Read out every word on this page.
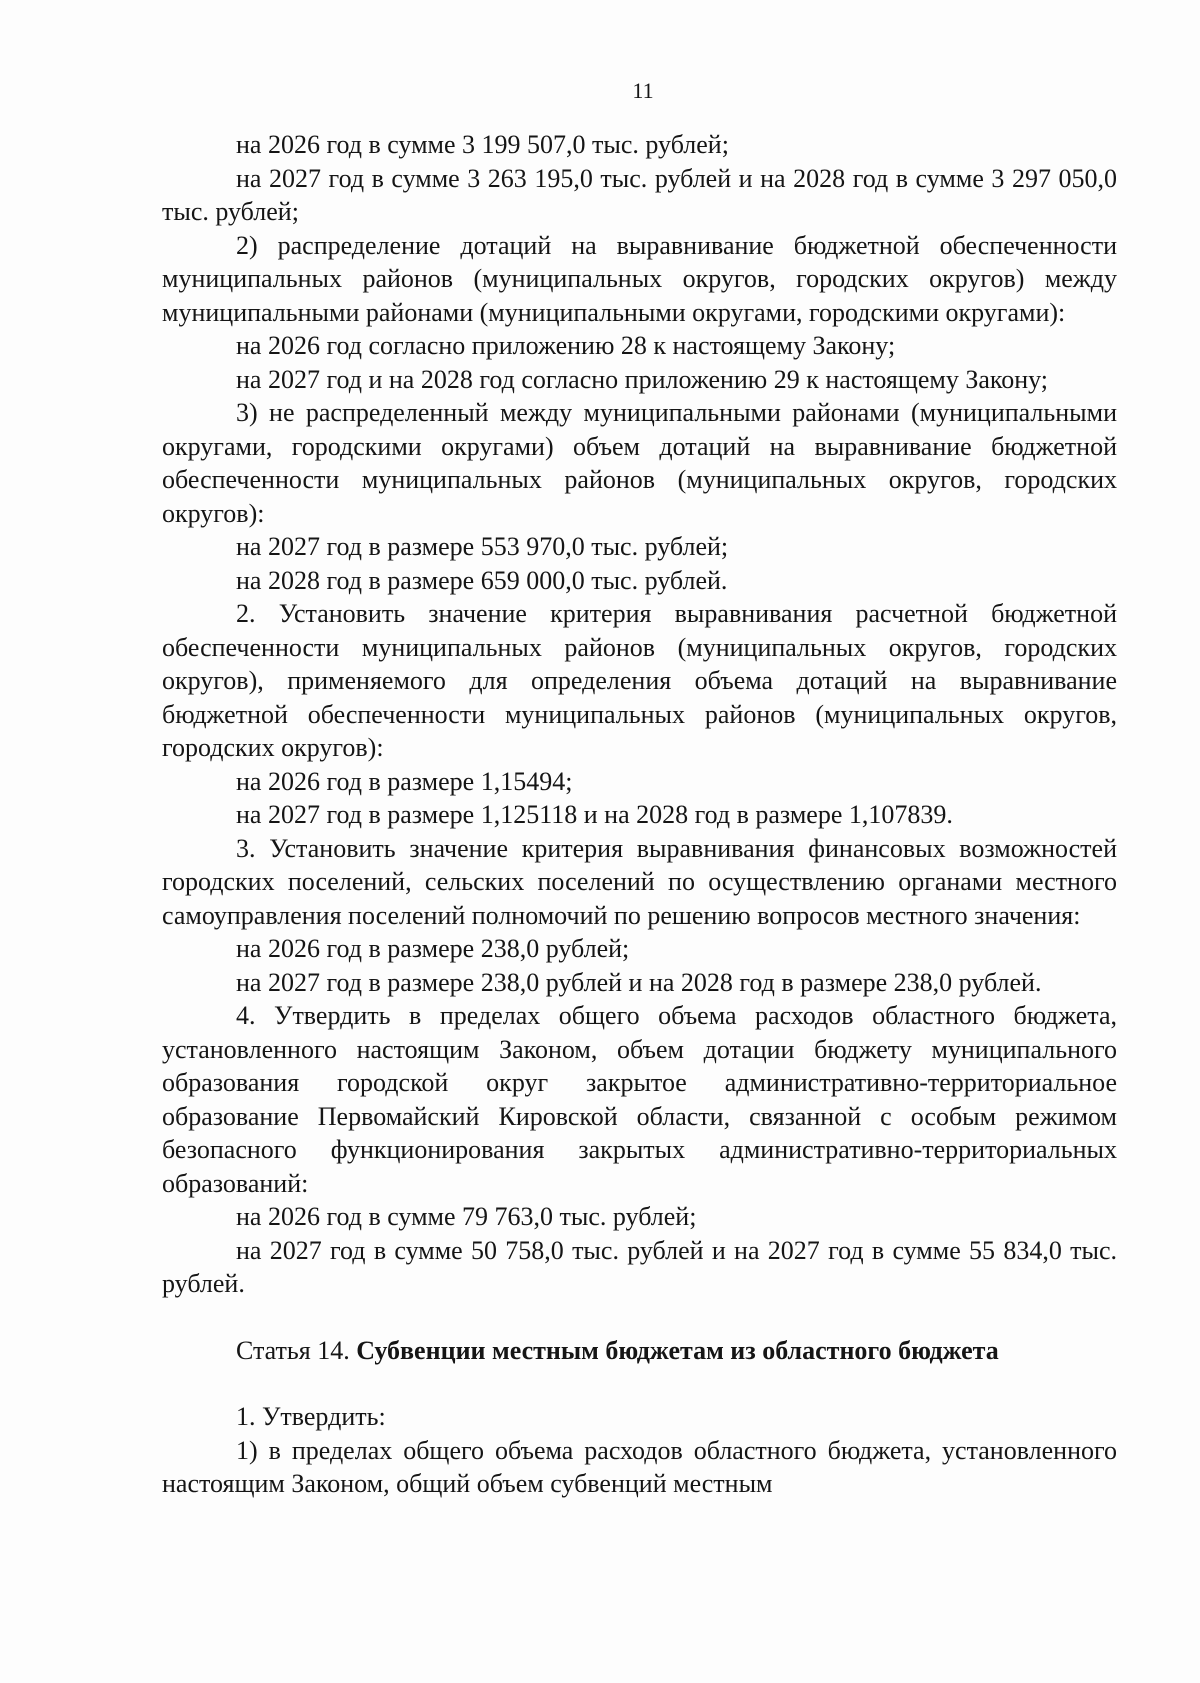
11

на 2026 год в сумме 3 199 507,0 тыс. рублей;

на 2027 год в сумме 3 263 195,0 тыс. рублей и на 2028 год в сумме 3 297 050,0 тыс. рублей;

2) распределение дотаций на выравнивание бюджетной обеспеченности муниципальных районов (муниципальных округов, городских округов) между муниципальными районами (муниципальными округами, городскими округами):

на 2026 год согласно приложению 28 к настоящему Закону;

на 2027 год и на 2028 год согласно приложению 29 к настоящему Закону;

3) не распределенный между муниципальными районами (муниципальными округами, городскими округами) объем дотаций на выравнивание бюджетной обеспеченности муниципальных районов (муниципальных округов, городских округов):

на 2027 год в размере 553 970,0 тыс. рублей;

на 2028 год в размере 659 000,0 тыс. рублей.

2. Установить значение критерия выравнивания расчетной бюджетной обеспеченности муниципальных районов (муниципальных округов, городских округов), применяемого для определения объема дотаций на выравнивание бюджетной обеспеченности муниципальных районов (муниципальных округов, городских округов):

на 2026 год в размере 1,15494;

на 2027 год в размере 1,125118 и на 2028 год в размере 1,107839.

3. Установить значение критерия выравнивания финансовых возможностей городских поселений, сельских поселений по осуществлению органами местного самоуправления поселений полномочий по решению вопросов местного значения:

на 2026 год в размере 238,0 рублей;

на 2027 год в размере 238,0 рублей и на 2028 год в размере 238,0 рублей.

4. Утвердить в пределах общего объема расходов областного бюджета, установленного настоящим Законом, объем дотации бюджету муниципального образования городской округ закрытое административно-территориальное образование Первомайский Кировской области, связанной с особым режимом безопасного функционирования закрытых административно-территориальных образований:

на 2026 год в сумме 79 763,0 тыс. рублей;

на 2027 год в сумме 50 758,0 тыс. рублей и на 2027 год в сумме 55 834,0 тыс. рублей.

Статья 14. Субвенции местным бюджетам из областного бюджета

1. Утвердить:

1) в пределах общего объема расходов областного бюджета, установленного настоящим Законом, общий объем субвенций местным
